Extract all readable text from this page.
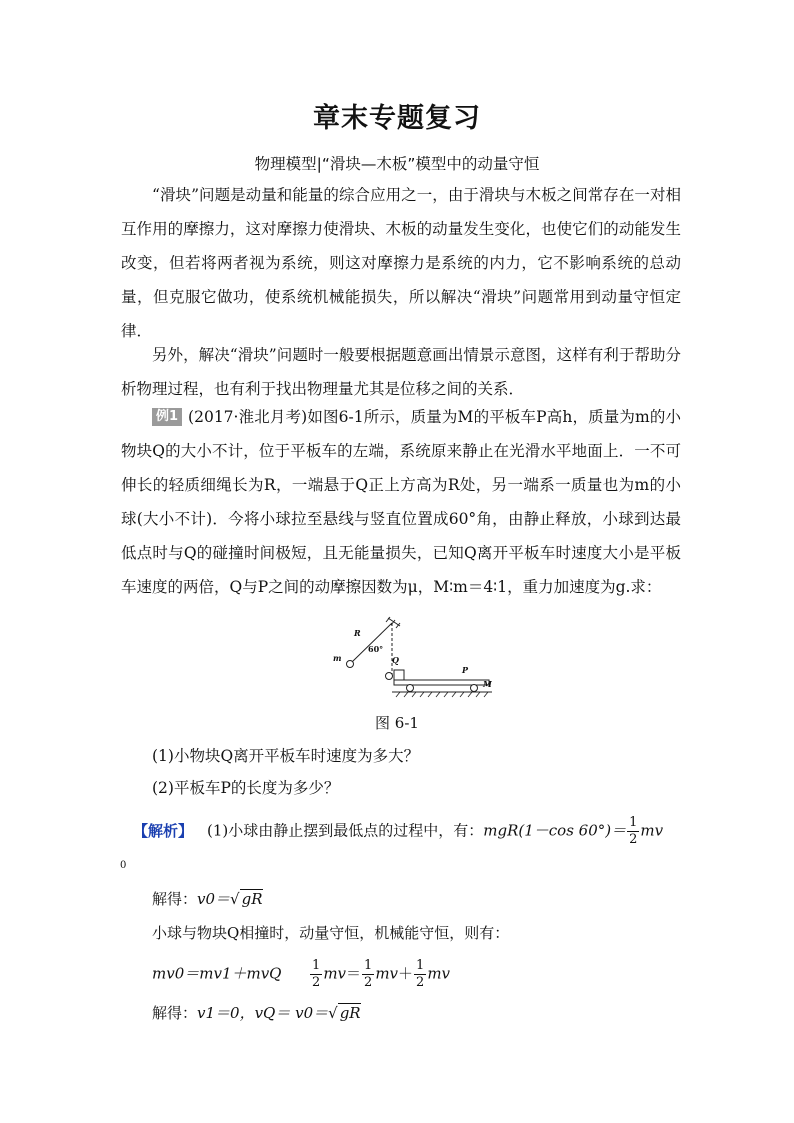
章末专题复习
物理模型|“滑块—木板”模型中的动量守恒

“滑块”问题是动量和能量的综合应用之一，由于滑块与木板之间常存在一对相互作用的摩擦力，这对摩擦力使滑块、木板的动量发生变化，也使它们的动能发生改变，但若将两者视为系统，则这对摩擦力是系统的内力，它不影响系统的总动量，但克服它做功，使系统机械能损失，所以解决“滑块”问题常用到动量守恒定律．

另外，解决“滑块”问题时一般要根据题意画出情景示意图，这样有利于帮助分析物理过程，也有利于找出物理量尤其是位移之间的关系．

例1 (2017·淮北月考)如图6-1所示，质量为M的平板车P高h，质量为m的小物块Q的大小不计，位于平板车的左端，系统原来静止在光滑水平地面上．一不可伸长的轻质细绳长为R，一端悬于Q正上方高为R处，另一端系一质量也为m的小球(大小不计)．今将小球拉至悬线与竖直位置成60°角，由静止释放，小球到达最低点时与Q的碰撞时间极短，且无能量损失，已知Q离开平板车时速度大小是平板车速度的两倍，Q与P之间的动摩擦因数为μ，M∶m＝4∶1，重力加速度为g.求：

R
m
60°
Q
P
M
图 6-1
(1)小物块Q离开平板车时速度为多大？
(2)平板车P的长度为多少？
【解析】 (1)小球由静止摆到最低点的过程中，有：mgR(1－cos $60^\circ)= \frac{1}{2}$ mv
0
解得：v0＝√ gR
小球与物块Q相撞时，动量守恒，机械能守恒，则有：
$mv0=mv1+mvQ \frac{1}{2} mv= \frac{1}{2} mv+ \frac{1}{2}$ mv
解得：v1＝0，vQ＝ v0＝√ gR
